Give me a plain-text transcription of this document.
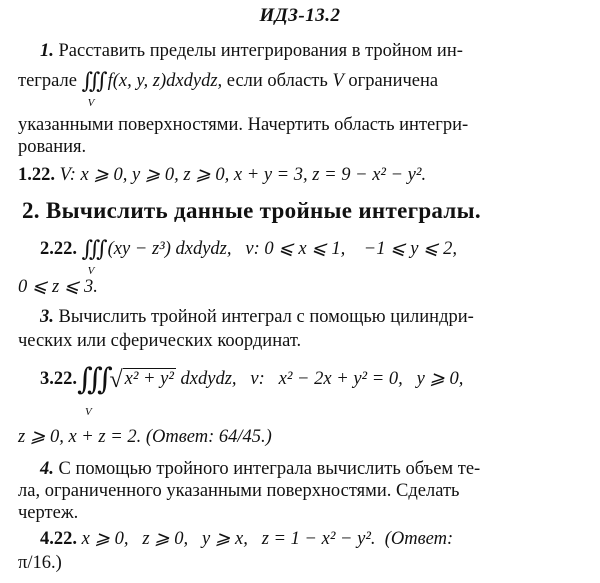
ИДЗ-13.2
1. Расставить пределы интегрирования в тройном ин-
теграле ∭
V
f(x, y, z)dxdydz, если область V ограничена
указанными поверхностями. Начертить область интегри-
рования.
1.22. V: x ⩾ 0, y ⩾ 0, z ⩾ 0, x + y = 3, z = 9 − x² − y².
2. Вычислить данные тройные интегралы.
2.22. ∭
V
(xy − z³) dxdydz, v: 0 ⩽ x ⩽ 1, −1 ⩽ y ⩽ 2,
0 ⩽ z ⩽ 3.
3. Вычислить тройной интеграл с помощью цилиндри-
ческих или сферических координат.
3.22.∭
V
√ x² + y² dxdydz, v: x² − 2x + y² = 0, y ⩾ 0,
z ⩾ 0, x + z = 2. (Ответ: 64/45.)
4. С помощью тройного интеграла вычислить объем те-
ла, ограниченного указанными поверхностями. Сделать
чертеж.
4.22. x ⩾ 0,   z ⩾ 0,   y ⩾ x,   z = 1 − x² − y². (Ответ:
π/16.)
